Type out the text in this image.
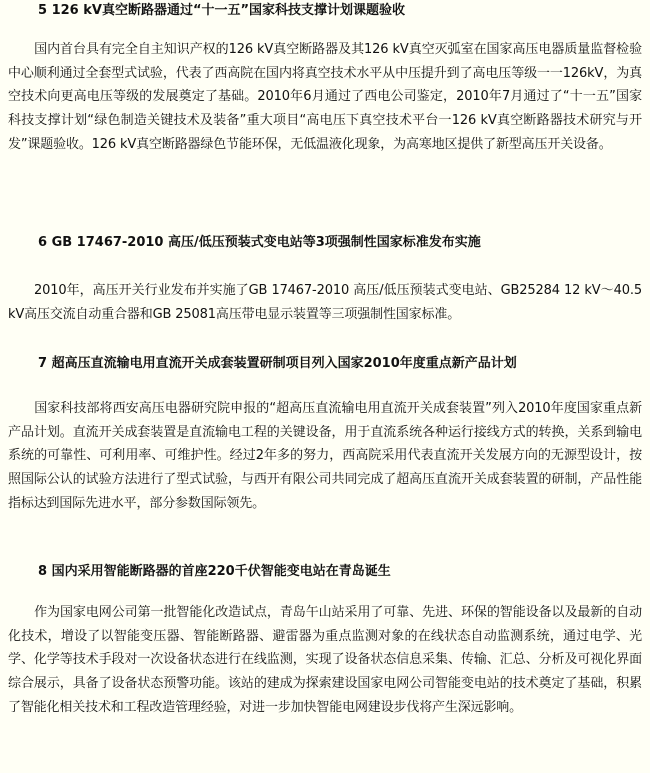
5 126 kV真空断路器通过“十一五”国家科技支撑计划课题验收

国内首台具有完全自主知识产权的126 kV真空断路器及其126 kV真空灭弧室在国家高压电器质量监督检验中心顺利通过全套型式试验，代表了西高院在国内将真空技术水平从中压提升到了高电压等级一一126kV，为真空技术向更高电压等级的发展奠定了基础。2010年6月通过了西电公司鉴定，2010年7月通过了“十一五”国家科技支撑计划“绿色制造关键技术及装备”重大项目“高电压下真空技术平台一126 kV真空断路器技术研究与开发”课题验收。126 kV真空断路器绿色节能环保，无低温液化现象，为高寒地区提供了新型高压开关设备。

6 GB 17467-2010 高压/低压预装式变电站等3项强制性国家标准发布实施

2010年，高压开关行业发布并实施了GB 17467-2010 高压/低压预装式变电站、GB25284 12 kV～40.5 kV高压交流自动重合器和GB 25081高压带电显示装置等三项强制性国家标准。

7 超高压直流输电用直流开关成套装置研制项目列入国家2010年度重点新产品计划

国家科技部将西安高压电器研究院申报的“超高压直流输电用直流开关成套装置”列入2010年度国家重点新产品计划。直流开关成套装置是直流输电工程的关键设备，用于直流系统各种运行接线方式的转换，关系到输电系统的可靠性、可利用率、可维护性。经过2年多的努力，西高院采用代表直流开关发展方向的无源型设计，按照国际公认的试验方法进行了型式试验，与西开有限公司共同完成了超高压直流开关成套装置的研制，产品性能指标达到国际先进水平，部分参数国际领先。

8 国内采用智能断路器的首座220千伏智能变电站在青岛诞生

作为国家电网公司第一批智能化改造试点，青岛午山站采用了可靠、先进、环保的智能设备以及最新的自动化技术，增设了以智能变压器、智能断路器、避雷器为重点监测对象的在线状态自动监测系统，通过电学、光学、化学等技术手段对一次设备状态进行在线监测，实现了设备状态信息采集、传输、汇总、分析及可视化界面综合展示，具备了设备状态预警功能。该站的建成为探索建设国家电网公司智能变电站的技术奠定了基础，积累了智能化相关技术和工程改造管理经验，对进一步加快智能电网建设步伐将产生深远影响。
